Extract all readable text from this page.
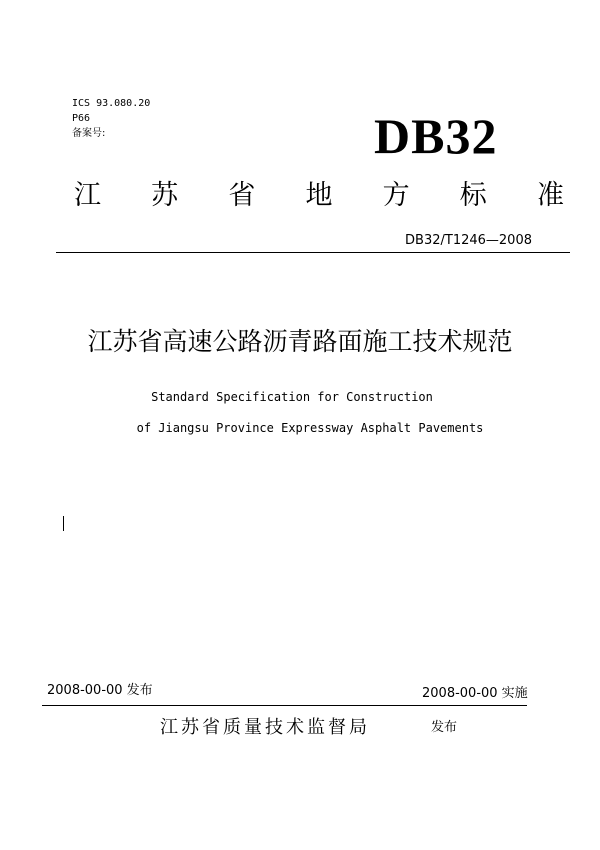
ICS 93.080.20
P66
备案号:	DB32
江 苏 省 地 方 标 准
DB32/T1246—2008
江苏省高速公路沥青路面施工技术规范
Standard Specification for Construction
of Jiangsu Province Expressway Asphalt Pavements
2008-00-00 发布	2008-00-00 实施
江苏省质量技术监督局	发布
